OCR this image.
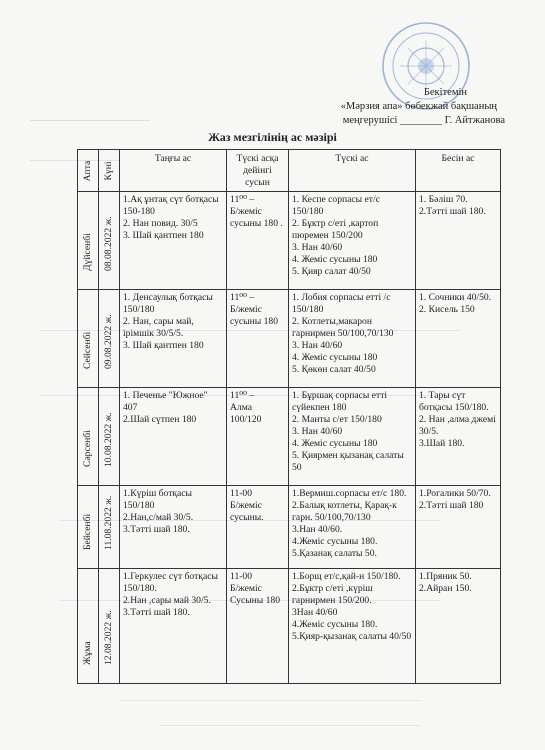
Бекітемін
«Мәрзия апа» бөбекжай бақшаның
меңгерушісі ________ Г. Айтжанова
Жаз мезгілінің ас мәзірі
Апта	Күні	Таңғы ас	Түскі асқа дейінгі сусын	Түскі ас	Бесін ас

Дүйсенбі	08.08.2022 ж.	1.Ақ ұнтақ сүт ботқасы 150-180
2. Нан повид. 30/5
3. Шай қантпен 180	11⁰⁰ –
Б/жеміс сусыны 180 .	1. Кеспе сорпасы ет/с 150/180
2. Бұктр с/еті ,картоп пюремен 150/200
3. Нан 40/60
4. Жеміс сусыны 180
5. Қияр салат 40/50	1. Бәліш 70.
2.Тәтті шай 180.

Сейсенбі	09.08.2022 ж.	1. Денсаулық ботқасы 150/180
2. Нан, сары май, ірімшік 30/5/5.
3. Шай қантпен 180	11⁰⁰ –
Б/жеміс сусыны 180	1. Лобия сорпасы етті /с 150/180
2. Котлеты,макарон гарнирмен 50/100,70/130
3. Нан 40/60
4. Жеміс сусыны 180
5. Қөкөн салат 40/50	1. Сочники 40/50.
2. Кисель 150

Сәрсенбі	10.08.2022 ж.	1. Печенье "Южное" 407
2.Шай сүтпен 180	11⁰⁰ –
Алма 100/120	1. Бұршақ сорпасы етті сүйекпен 180
2. Манты с/ет 150/180
3. Нан 40/60
4. Жеміс сусыны 180
5. Қиярмен қызанақ салаты 50	1. Тары сүт ботқасы 150/180.
2. Нан ,алма джемі 30/5.
3.Шай 180.

Бейсенбі	11.08.2022 ж.	1.Күріш ботқасы 150/180
2.Нан,с/май 30/5.
3.Тәтті шай 180.	11-00
Б/жеміс сусыны.	1.Вермиш.сорпасы ет/с 180.
2.Балық котлеты, Қарақ-к гарн. 50/100,70/130
3.Нан 40/60.
4.Жеміс сусыны 180.
5.Қазанақ салаты 50.	1.Рогалики 50/70.
2.Тәтті шай 180

Жұма	12.08.2022 ж.	1.Геркулес сүт ботқасы 150/180.
2.Нан ,сары май 30/5.
3.Тәтті шай 180.	11-00
Б/жеміс Сусыны 180	1.Борщ ет/с,қай-н 150/180.
2.Бұктр с/еті ,күріш гарнирмен 150/200.
3Нан 40/60
4.Жеміс сусыны 180.
5.Қияр-қызанақ салаты 40/50	1.Пряник 50.
2.Айран 150.
